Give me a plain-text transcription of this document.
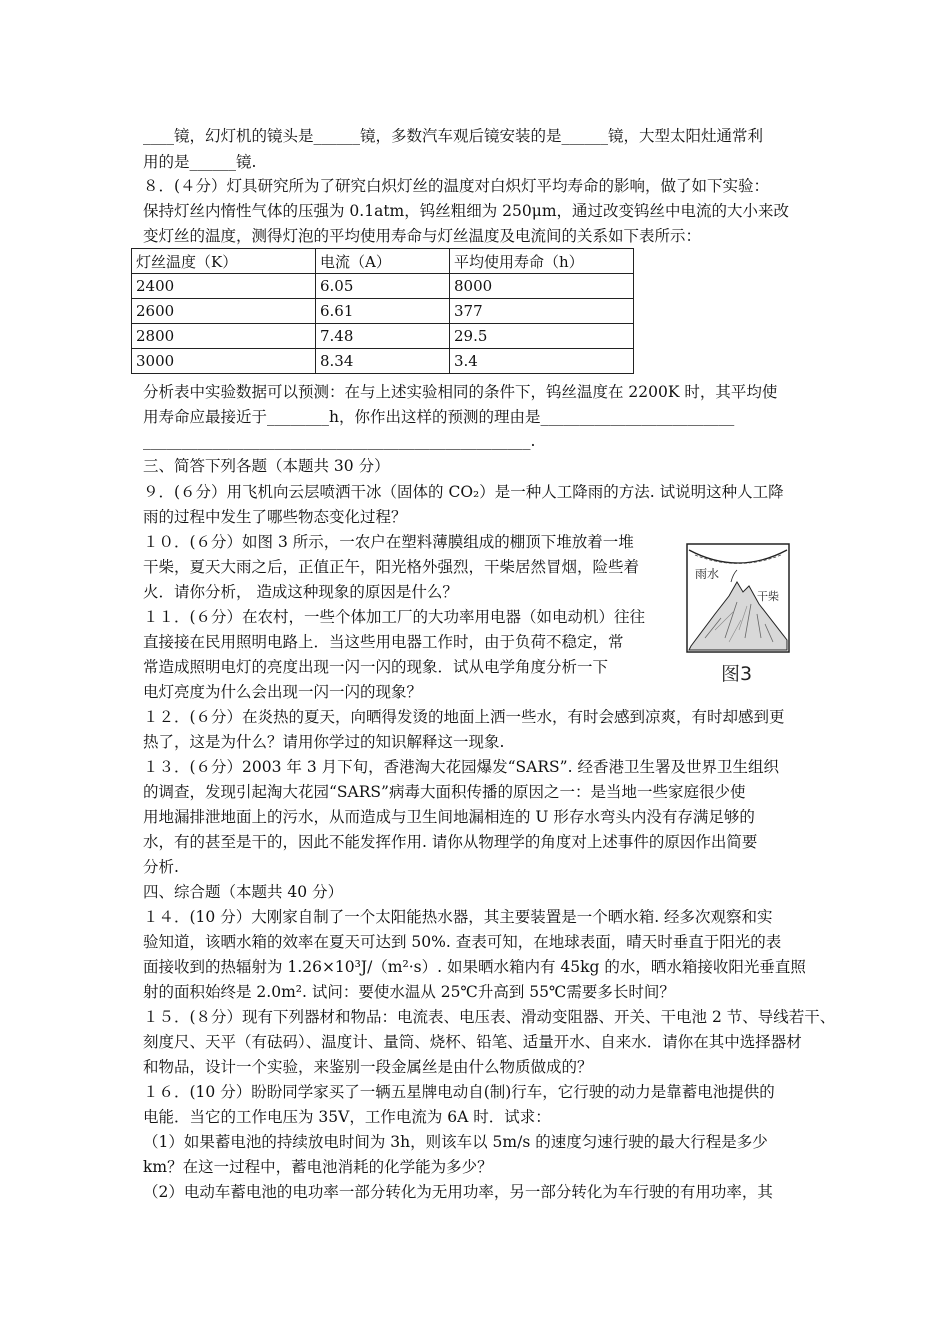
____镜，幻灯机的镜头是______镜，多数汽车观后镜安装的是______镜，大型太阳灶通常利
用的是______镜.
８．(４分）灯具研究所为了研究白炽灯丝的温度对白炽灯平均寿命的影响，做了如下实验：
保持灯丝内惰性气体的压强为 0.1atm，钨丝粗细为 250μm，通过改变钨丝中电流的大小来改
变灯丝的温度，测得灯泡的平均使用寿命与灯丝温度及电流间的关系如下表所示：
灯丝温度（K）	电流（A）	平均使用寿命（h）
2400	6.05	8000
2600	6.61	377
2800	7.48	29.5
3000	8.34	3.4
分析表中实验数据可以预测：在与上述实验相同的条件下，钨丝温度在 2200K 时，其平均使
用寿命应最接近于________h，你作出这样的预测的理由是_________________________
__________________________________________________.
三、简答下列各题（本题共 30 分）
９．(６分）用飞机向云层喷洒干冰（固体的 CO₂）是一种人工降雨的方法. 试说明这种人工降
雨的过程中发生了哪些物态变化过程？
１０．(６分）如图 3 所示，一农户在塑料薄膜组成的棚顶下堆放着一堆
干柴，夏天大雨之后，正值正午，阳光格外强烈，干柴居然冒烟，险些着
火．请你分析， 造成这种现象的原因是什么？
１１．(６分）在农村，一些个体加工厂的大功率用电器（如电动机）往往
直接接在民用照明电路上．当这些用电器工作时，由于负荷不稳定，常
常造成照明电灯的亮度出现一闪一闪的现象．试从电学角度分析一下
电灯亮度为什么会出现一闪一闪的现象？
１２．(６分）在炎热的夏天，向晒得发烫的地面上洒一些水，有时会感到凉爽，有时却感到更
热了，这是为什么？请用你学过的知识解释这一现象.
１３．(６分）2003 年 3 月下旬，香港淘大花园爆发“SARS”. 经香港卫生署及世界卫生组织
的调查，发现引起淘大花园“SARS”病毒大面积传播的原因之一：是当地一些家庭很少使
用地漏排泄地面上的污水，从而造成与卫生间地漏相连的 U 形存水弯头内没有存满足够的
水，有的甚至是干的，因此不能发挥作用. 请你从物理学的角度对上述事件的原因作出简要
分析.
四、综合题（本题共 40 分）
１４．(10 分）大刚家自制了一个太阳能热水器，其主要装置是一个晒水箱. 经多次观察和实
验知道，该晒水箱的效率在夏天可达到 50%. 查表可知，在地球表面，晴天时垂直于阳光的表
面接收到的热辐射为 1.26×10³J/（m²·s）. 如果晒水箱内有 45kg 的水，晒水箱接收阳光垂直照
射的面积始终是 2.0m². 试问：要使水温从 25℃升高到 55℃需要多长时间？
１５．(８分）现有下列器材和物品：电流表、电压表、滑动变阻器、开关、干电池 2 节、导线若干、
刻度尺、天平（有砝码）、温度计、量筒、烧杯、铅笔、适量开水、自来水．请你在其中选择器材
和物品，设计一个实验，来鉴别一段金属丝是由什么物质做成的？
１６．(10 分）盼盼同学家买了一辆五星牌电动自(制)行车，它行驶的动力是靠蓄电池提供的
电能．当它的工作电压为 35V，工作电流为 6A 时．试求：
（1）如果蓄电池的持续放电时间为 3h，则该车以 5m/s 的速度匀速行驶的最大行程是多少
km？在这一过程中，蓄电池消耗的化学能为多少？
（2）电动车蓄电池的电功率一部分转化为无用功率，另一部分转化为车行驶的有用功率，其
雨水
干柴
图3
